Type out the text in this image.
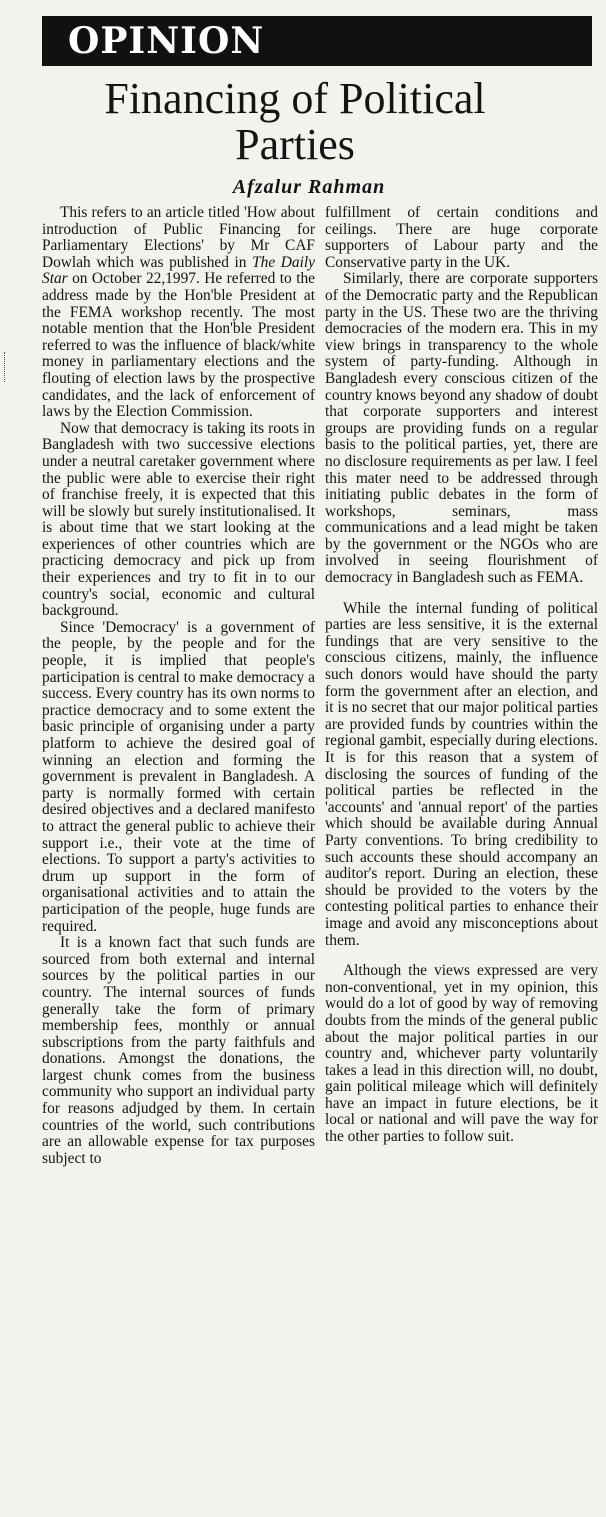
OPINION
Financing of Political Parties
Afzalur Rahman

This refers to an article titled 'How about introduction of Public Financing for Parliamentary Elections' by Mr CAF Dowlah which was published in The Daily Star on October 22,1997. He referred to the address made by the Hon'ble President at the FEMA workshop recently. The most notable mention that the Hon'ble President referred to was the influence of black/white money in parliamentary elections and the flouting of election laws by the prospective candidates, and the lack of enforcement of laws by the Election Commission.

Now that democracy is taking its roots in Bangladesh with two successive elections under a neutral caretaker government where the public were able to exercise their right of franchise freely, it is expected that this will be slowly but surely institutionalised. It is about time that we start looking at the experiences of other countries which are practicing democracy and pick up from their experiences and try to fit in to our country's social, economic and cultural background.

Since 'Democracy' is a government of the people, by the people and for the people, it is implied that people's participation is central to make democracy a success. Every country has its own norms to practice democracy and to some extent the basic principle of organising under a party platform to achieve the desired goal of winning an election and forming the government is prevalent in Bangladesh. A party is normally formed with certain desired objectives and a declared manifesto to attract the general public to achieve their support i.e., their vote at the time of elections. To support a party's activities to drum up support in the form of organisational activities and to attain the participation of the people, huge funds are required.

It is a known fact that such funds are sourced from both external and internal sources by the political parties in our country. The internal sources of funds generally take the form of primary membership fees, monthly or annual subscriptions from the party faithfuls and donations. Amongst the donations, the largest chunk comes from the business community who support an individual party for reasons adjudged by them. In certain countries of the world, such contributions are an allowable expense for tax purposes subject to

fulfillment of certain conditions and ceilings. There are huge corporate supporters of Labour party and the Conservative party in the UK.

Similarly, there are corporate supporters of the Democratic party and the Republican party in the US. These two are the thriving democracies of the modern era. This in my view brings in transparency to the whole system of party-funding. Although in Bangladesh every conscious citizen of the country knows beyond any shadow of doubt that corporate supporters and interest groups are providing funds on a regular basis to the political parties, yet, there are no disclosure requirements as per law. I feel this mater need to be addressed through initiating public debates in the form of workshops, seminars, mass communications and a lead might be taken by the government or the NGOs who are involved in seeing flourishment of democracy in Bangladesh such as FEMA.

While the internal funding of political parties are less sensitive, it is the external fundings that are very sensitive to the conscious citizens, mainly, the influence such donors would have should the party form the government after an election, and it is no secret that our major political parties are provided funds by countries within the regional gambit, especially during elections. It is for this reason that a system of disclosing the sources of funding of the political parties be reflected in the 'accounts' and 'annual report' of the parties which should be available during Annual Party conventions. To bring credibility to such accounts these should accompany an auditor's report. During an election, these should be provided to the voters by the contesting political parties to enhance their image and avoid any misconceptions about them.

Although the views expressed are very non-conventional, yet in my opinion, this would do a lot of good by way of removing doubts from the minds of the general public about the major political parties in our country and, whichever party voluntarily takes a lead in this direction will, no doubt, gain political mileage which will definitely have an impact in future elections, be it local or national and will pave the way for the other parties to follow suit.
